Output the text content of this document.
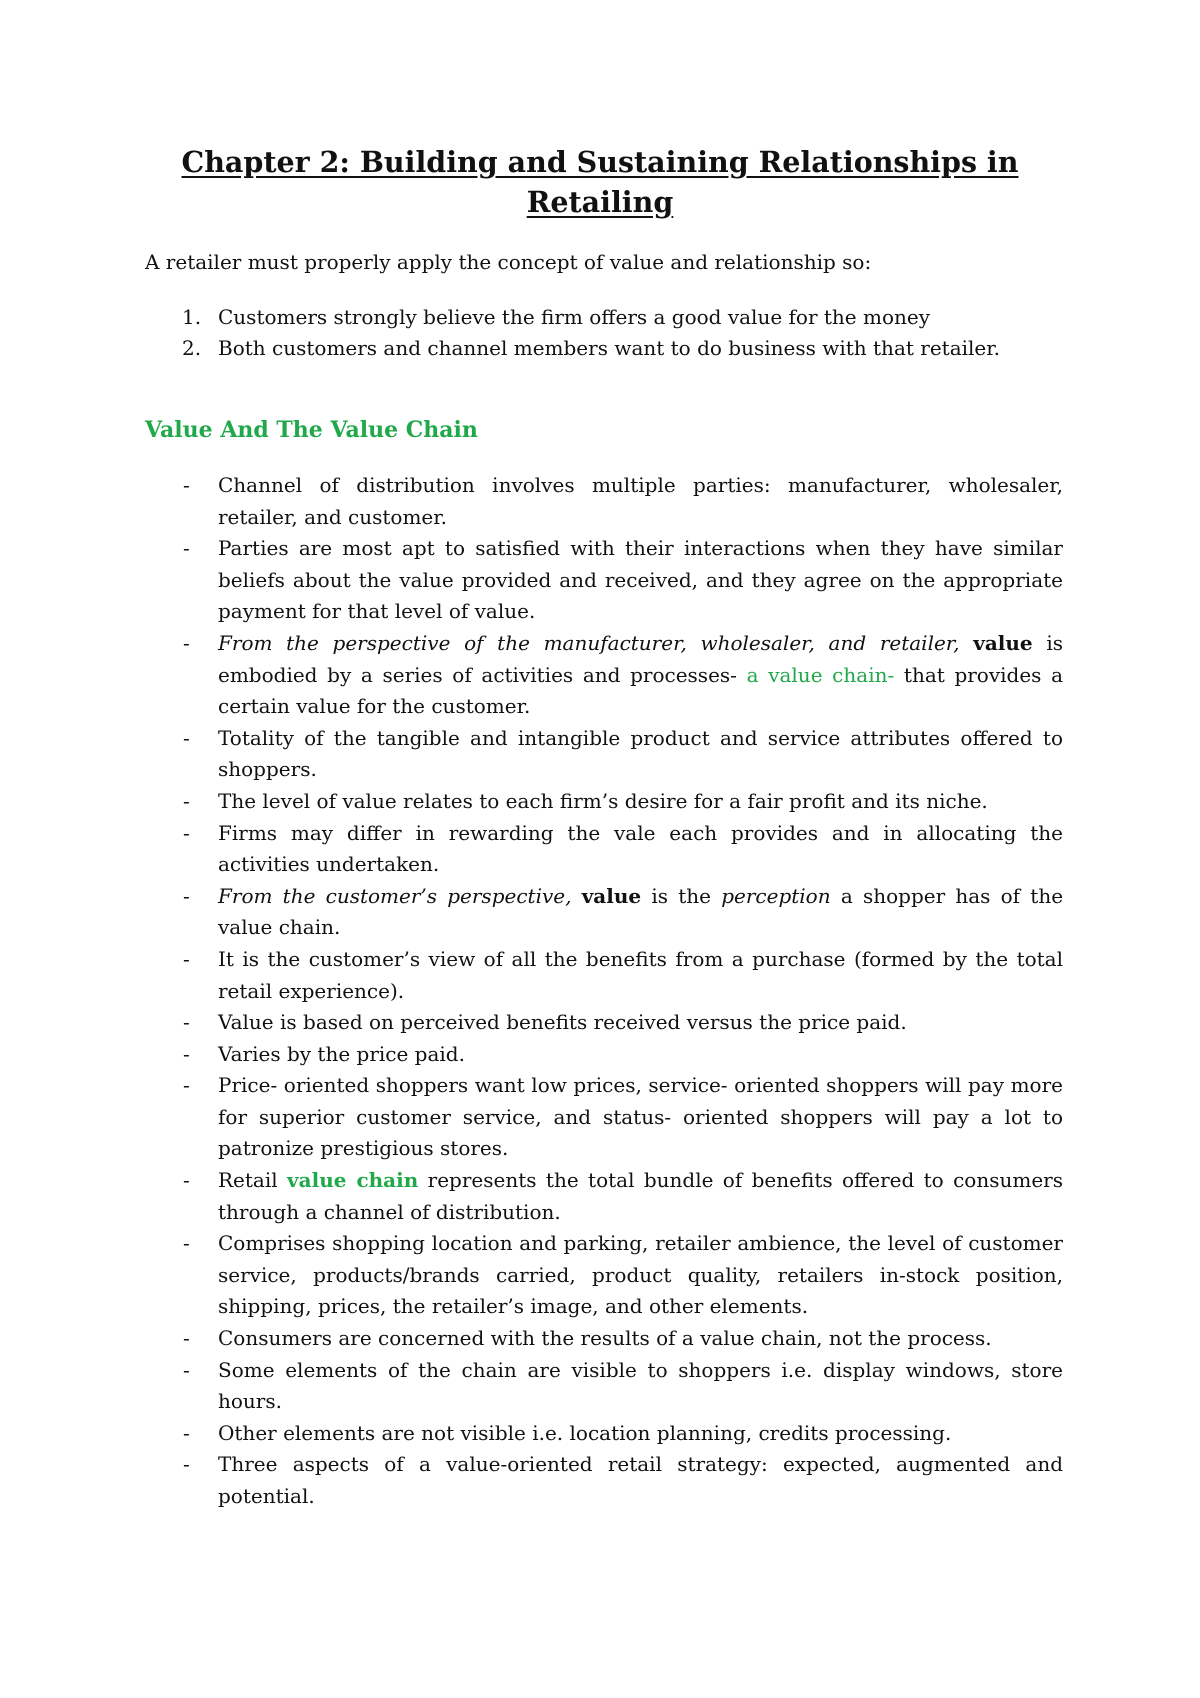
Chapter 2: Building and Sustaining Relationships in
Retailing

A retailer must properly apply the concept of value and relationship so:

1. Customers strongly believe the firm offers a good value for the money
2. Both customers and channel members want to do business with that retailer.
Value And The Value Chain
- Channel of distribution involves multiple parties: manufacturer, wholesaler, retailer, and customer.
- Parties are most apt to satisfied with their interactions when they have similar beliefs about the value provided and received, and they agree on the appropriate payment for that level of value.
- From the perspective of the manufacturer, wholesaler, and retailer, value is embodied by a series of activities and processes- a value chain- that provides a certain value for the customer.
- Totality of the tangible and intangible product and service attributes offered to shoppers.
- The level of value relates to each firm’s desire for a fair profit and its niche.
- Firms may differ in rewarding the vale each provides and in allocating the activities undertaken.
- From the customer’s perspective, value is the perception a shopper has of the value chain.
- It is the customer’s view of all the benefits from a purchase (formed by the total retail experience).
- Value is based on perceived benefits received versus the price paid.
- Varies by the price paid.
- Price- oriented shoppers want low prices, service- oriented shoppers will pay more for superior customer service, and status- oriented shoppers will pay a lot to patronize prestigious stores.
- Retail value chain represents the total bundle of benefits offered to consumers through a channel of distribution.
- Comprises shopping location and parking, retailer ambience, the level of customer service, products/brands carried, product quality, retailers in-stock position, shipping, prices, the retailer’s image, and other elements.
- Consumers are concerned with the results of a value chain, not the process.
- Some elements of the chain are visible to shoppers i.e. display windows, store hours.
- Other elements are not visible i.e. location planning, credits processing.
- Three aspects of a value-oriented retail strategy: expected, augmented and potential.
